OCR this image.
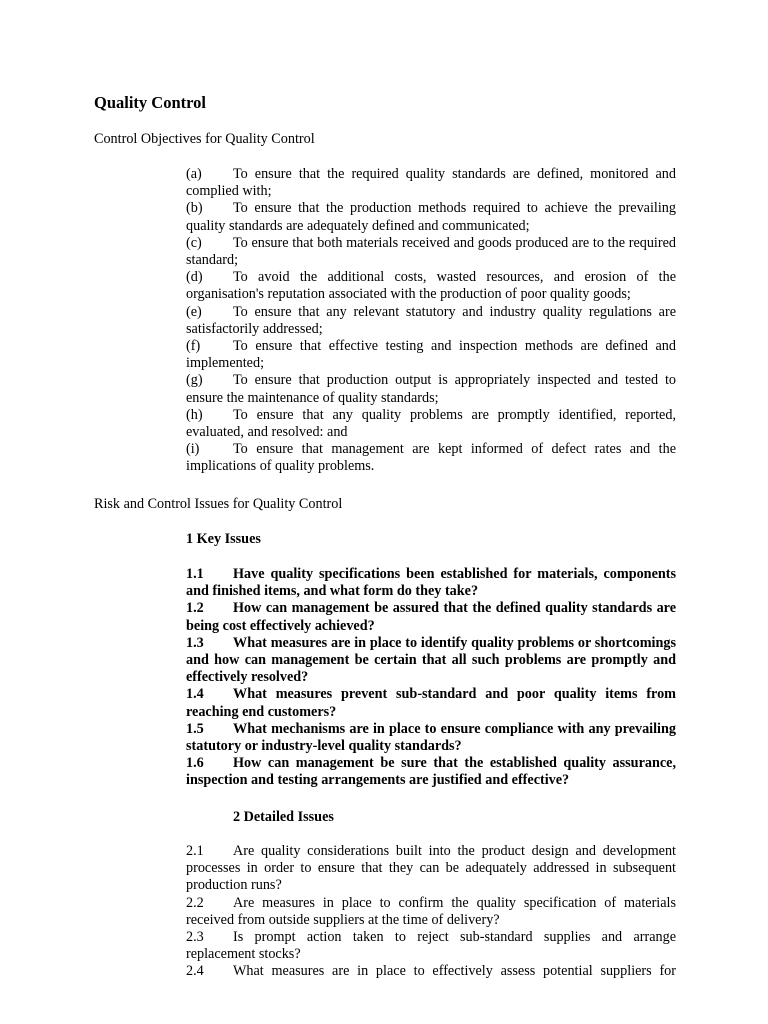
Quality Control

Control Objectives for Quality Control

(a) To ensure that the required quality standards are defined, monitored and complied with;
(b) To ensure that the production methods required to achieve the prevailing quality standards are adequately defined and communicated;
(c) To ensure that both materials received and goods produced are to the required standard;
(d) To avoid the additional costs, wasted resources, and erosion of the organisation's reputation associated with the production of poor quality goods;
(e) To ensure that any relevant statutory and industry quality regulations are satisfactorily addressed;
(f) To ensure that effective testing and inspection methods are defined and implemented;
(g) To ensure that production output is appropriately inspected and tested to ensure the maintenance of quality standards;
(h) To ensure that any quality problems are promptly identified, reported, evaluated, and resolved: and
(i) To ensure that management are kept informed of defect rates and the implications of quality problems.

Risk and Control Issues for Quality Control

1 Key Issues
1.1 Have quality specifications been established for materials, components and finished items, and what form do they take?
1.2 How can management be assured that the defined quality standards are being cost effectively achieved?
1.3 What measures are in place to identify quality problems or shortcomings and how can management be certain that all such problems are promptly and effectively resolved?
1.4 What measures prevent sub-standard and poor quality items from reaching end customers?
1.5 What mechanisms are in place to ensure compliance with any prevailing statutory or industry-level quality standards?
1.6 How can management be sure that the established quality assurance, inspection and testing arrangements are justified and effective?
2 Detailed Issues
2.1 Are quality considerations built into the product design and development processes in order to ensure that they can be adequately addressed in subsequent production runs?
2.2 Are measures in place to confirm the quality specification of materials received from outside suppliers at the time of delivery?
2.3 Is prompt action taken to reject sub-standard supplies and arrange replacement stocks?
2.4 What measures are in place to effectively assess potential suppliers for
